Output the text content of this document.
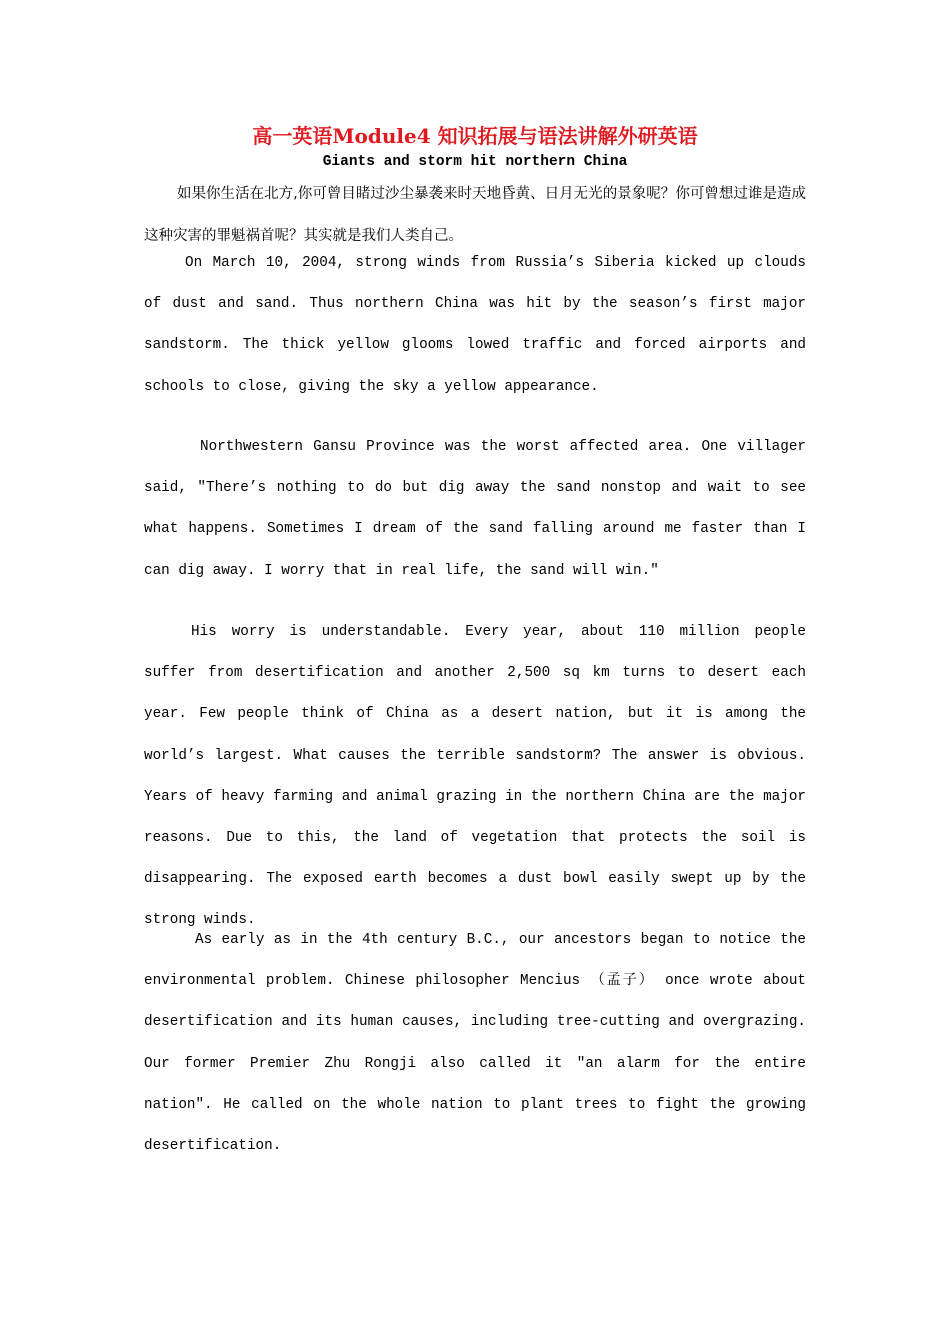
高一英语Module4 知识拓展与语法讲解外研英语
Giants and storm hit northern China

如果你生活在北方,你可曾目睹过沙尘暴袭来时天地昏黄、日月无光的景象呢？你可曾想过谁是造成这种灾害的罪魁祸首呢？其实就是我们人类自己。

On March 10, 2004, strong winds from Russia’s Siberia kicked up clouds of dust and sand. Thus northern China was hit by the season’s first major sandstorm. The thick yellow glooms lowed traffic and forced airports and schools to close, giving the sky a yellow appearance.

Northwestern Gansu Province was the worst affected area. One villager said, "There’s nothing to do but dig away the sand nonstop and wait to see what happens. Sometimes I dream of the sand falling around me faster than I can dig away. I worry that in real life, the sand will win."

His worry is understandable. Every year, about 110 million people suffer from desertification and another 2,500 sq km turns to desert each year. Few people think of China as a desert nation, but it is among the world’s largest. What causes the terrible sandstorm? The answer is obvious. Years of heavy farming and animal grazing in the northern China are the major reasons. Due to this, the land of vegetation that protects the soil is disappearing. The exposed earth becomes a dust bowl easily swept up by the strong winds.

As early as in the 4th century B.C., our ancestors began to notice the environmental problem. Chinese philosopher Mencius （孟子） once wrote about desertification and its human causes, including tree-cutting and overgrazing. Our former Premier Zhu Rongji also called it "an alarm for the entire nation". He called on the whole nation to plant trees to fight the growing desertification.
